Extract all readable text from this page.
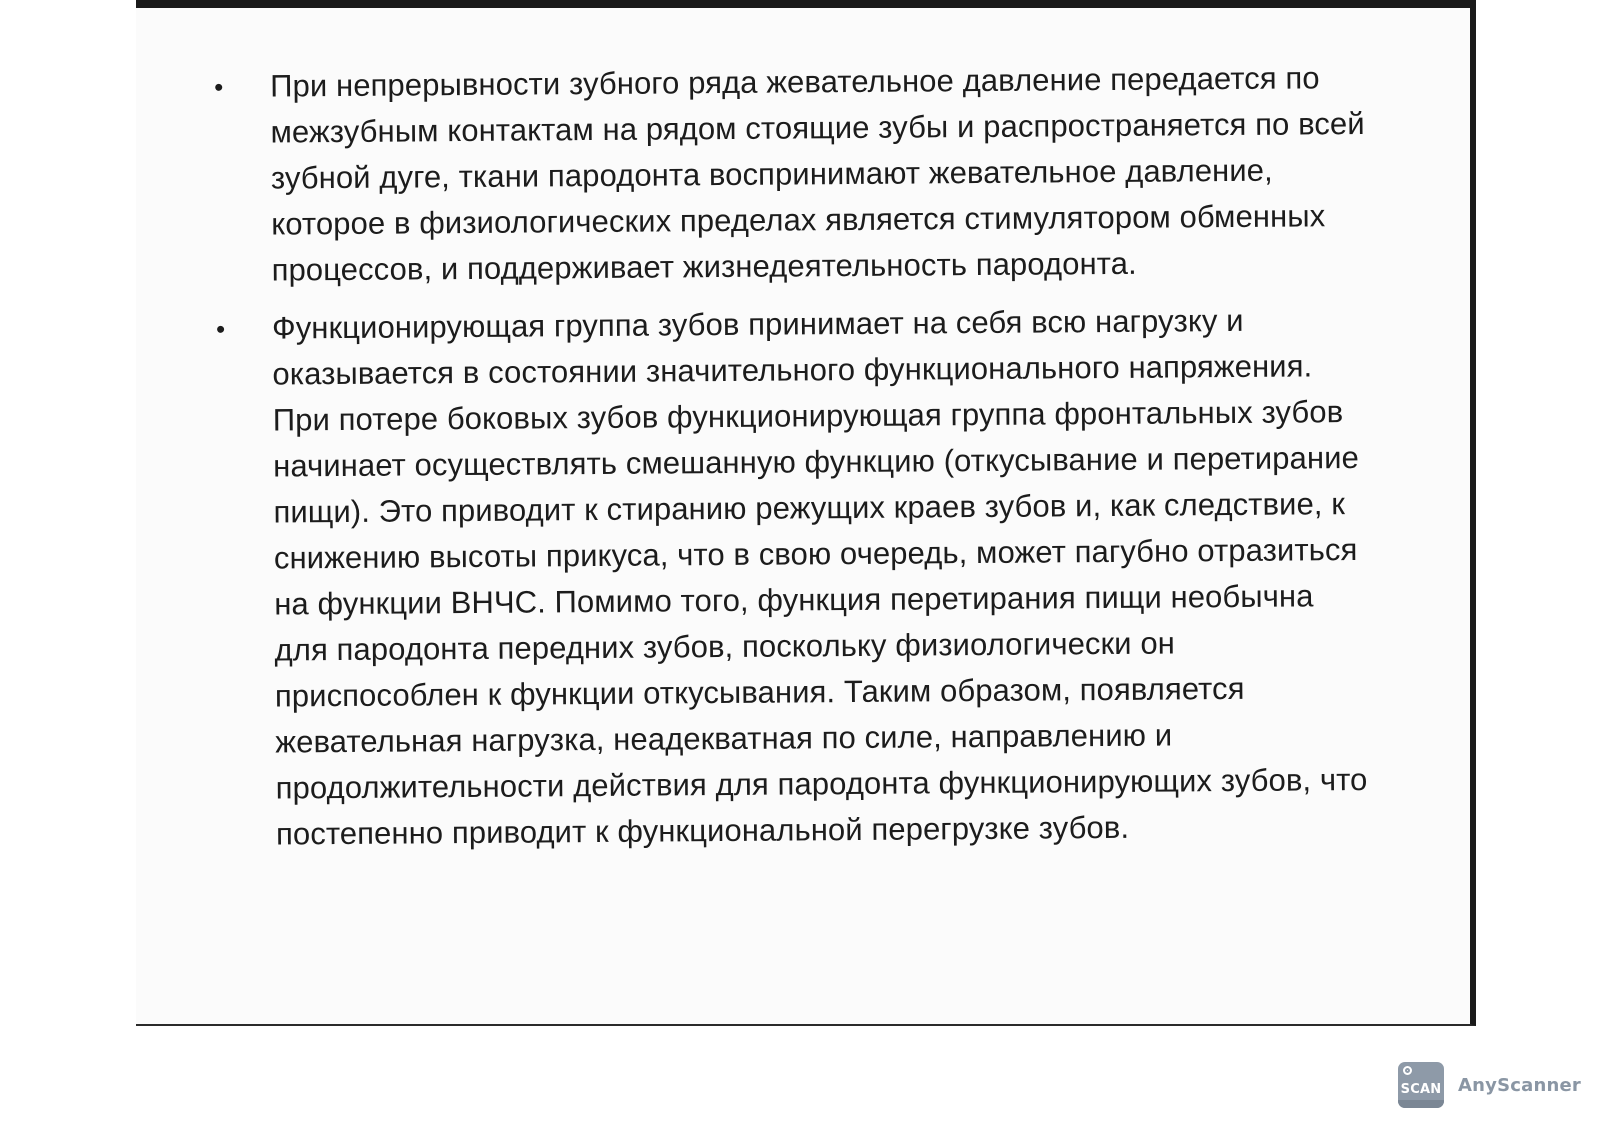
•	При непрерывности зубного ряда жевательное давление передается по межзубным контактам на рядом стоящие зубы и распространяется по всей зубной дуге, ткани пародонта воспринимают жевательное давление, которое в физиологических пределах является стимулятором обменных процессов, и поддерживает жизнедеятельность пародонта.
•	Функционирующая группа зубов принимает на себя всю нагрузку и оказывается в состоянии значительного функционального напряжения. При потере боковых зубов функционирующая группа фронтальных зубов начинает осуществлять смешанную функцию (откусывание и перетирание пищи). Это приводит к стиранию режущих краев зубов и, как следствие, к снижению высоты прикуса, что в свою очередь, может пагубно отразиться на функции ВНЧС. Помимо того, функция перетирания пищи необычна для пародонта передних зубов, поскольку физиологически он приспособлен к функции откусывания. Таким образом, появляется жевательная нагрузка, неадекватная по силе, направлению и продолжительности действия для пародонта функционирующих зубов, что постепенно приводит к функциональной перегрузке зубов.
SCAN AnyScanner
